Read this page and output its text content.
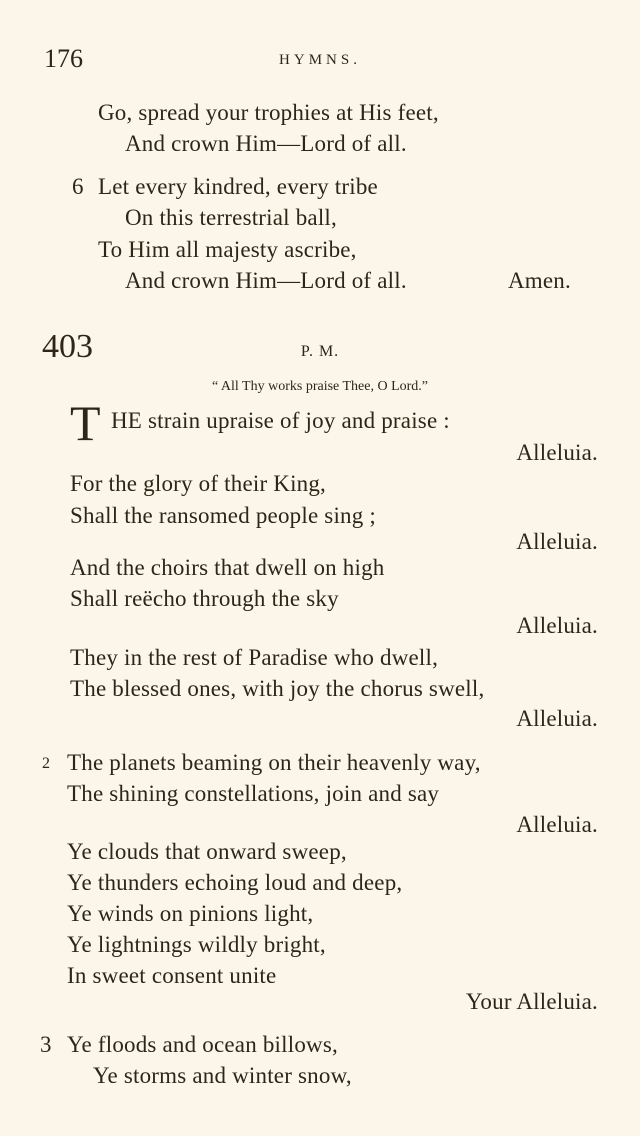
176	HYMNS.
Go, spread your trophies at His feet,
And crown Him—Lord of all.
6 Let every kindred, every tribe
On this terrestrial ball,
To Him all majesty ascribe,
And crown Him—Lord of all.	Amen.
403	P. M.
“ All Thy works praise Thee, O Lord.”
T HE strain upraise of joy and praise :
Alleluia.
For the glory of their King,
Shall the ransomed people sing ;
Alleluia.
And the choirs that dwell on high
Shall reëcho through the sky
Alleluia.
They in the rest of Paradise who dwell,
The blessed ones, with joy the chorus swell,
Alleluia.
2 The planets beaming on their heavenly way,
The shining constellations, join and say
Alleluia.
Ye clouds that onward sweep,
Ye thunders echoing loud and deep,
Ye winds on pinions light,
Ye lightnings wildly bright,
In sweet consent unite
Your Alleluia.
3 Ye floods and ocean billows,
Ye storms and winter snow,
